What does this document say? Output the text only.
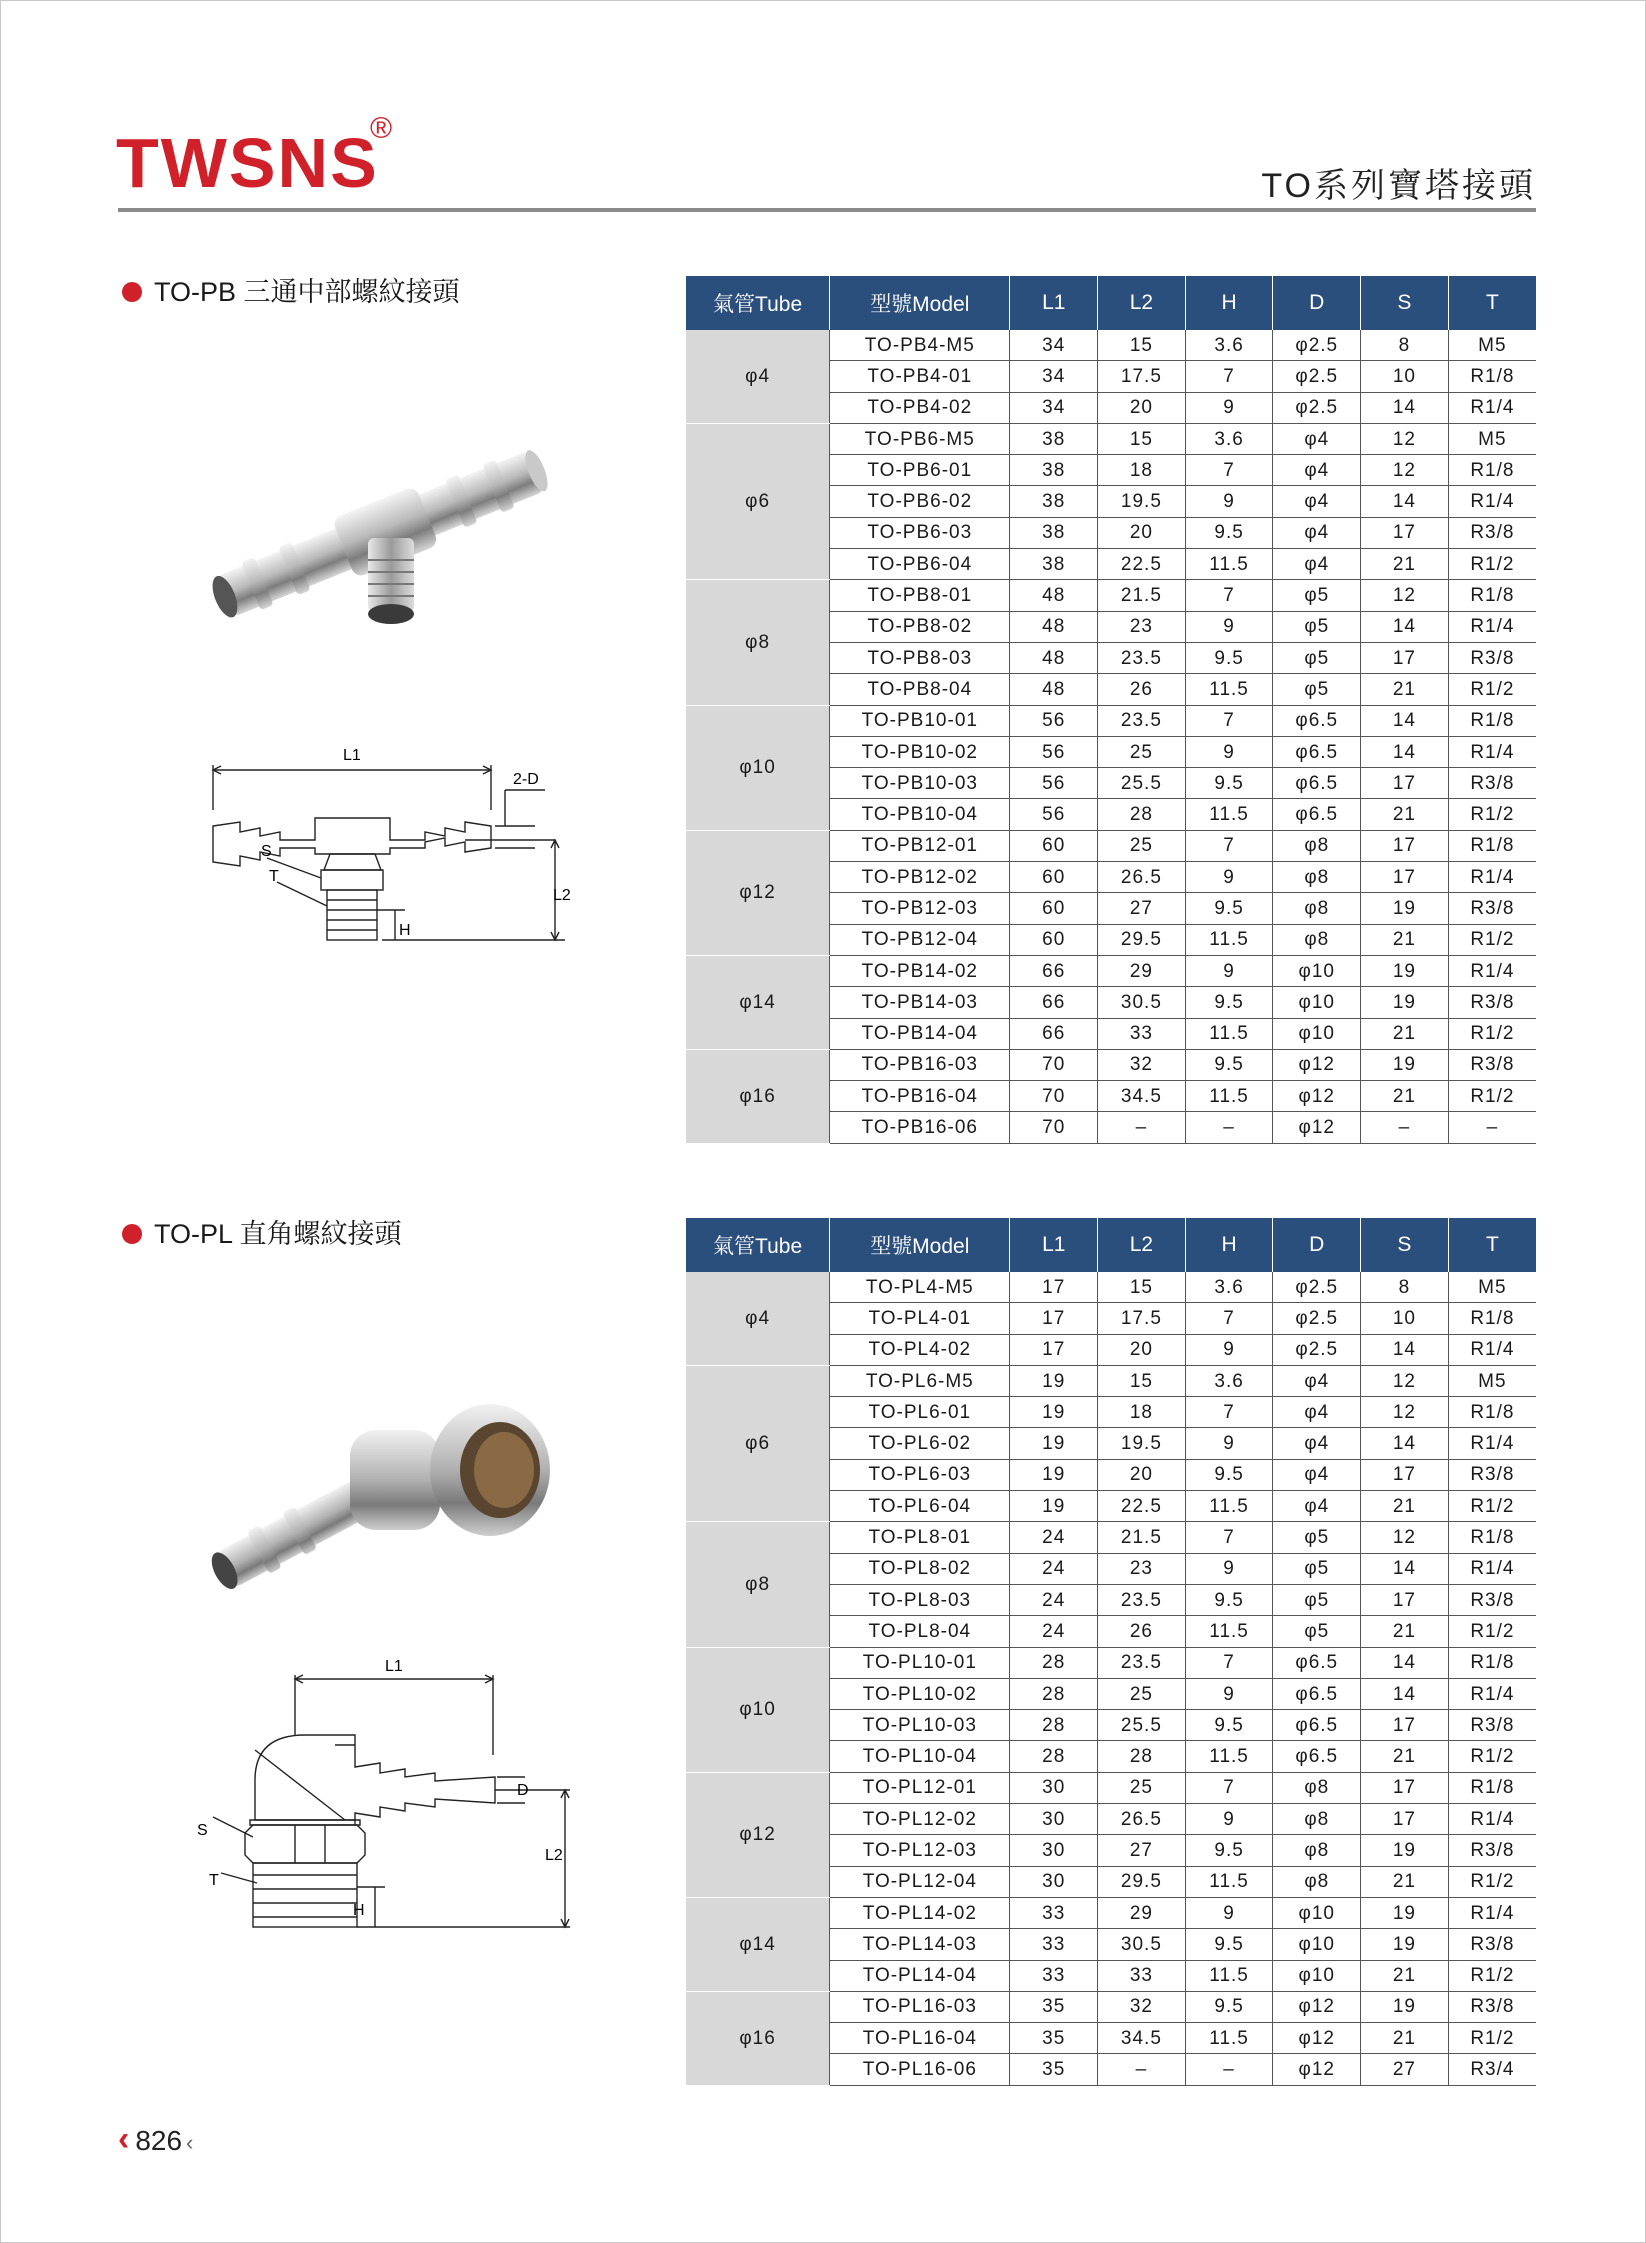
TWSNS
®
TO系列寶塔接頭
TO-PB 三通中部螺紋接頭
L1
2-D
S
T
L2
H
氣管Tube	型號Model	L1	L2	H	D	S	T
φ4	TO-PB4-M5	34	15	3.6	φ2.5	8	M5
	TO-PB4-01	34	17.5	7	φ2.5	10	R1/8
	TO-PB4-02	34	20	9	φ2.5	14	R1/4
φ6	TO-PB6-M5	38	15	3.6	φ4	12	M5
	TO-PB6-01	38	18	7	φ4	12	R1/8
	TO-PB6-02	38	19.5	9	φ4	14	R1/4
	TO-PB6-03	38	20	9.5	φ4	17	R3/8
	TO-PB6-04	38	22.5	11.5	φ4	21	R1/2
φ8	TO-PB8-01	48	21.5	7	φ5	12	R1/8
	TO-PB8-02	48	23	9	φ5	14	R1/4
	TO-PB8-03	48	23.5	9.5	φ5	17	R3/8
	TO-PB8-04	48	26	11.5	φ5	21	R1/2
φ10	TO-PB10-01	56	23.5	7	φ6.5	14	R1/8
	TO-PB10-02	56	25	9	φ6.5	14	R1/4
	TO-PB10-03	56	25.5	9.5	φ6.5	17	R3/8
	TO-PB10-04	56	28	11.5	φ6.5	21	R1/2
φ12	TO-PB12-01	60	25	7	φ8	17	R1/8
	TO-PB12-02	60	26.5	9	φ8	17	R1/4
	TO-PB12-03	60	27	9.5	φ8	19	R3/8
	TO-PB12-04	60	29.5	11.5	φ8	21	R1/2
φ14	TO-PB14-02	66	29	9	φ10	19	R1/4
	TO-PB14-03	66	30.5	9.5	φ10	19	R3/8
	TO-PB14-04	66	33	11.5	φ10	21	R1/2
φ16	TO-PB16-03	70	32	9.5	φ12	19	R3/8
	TO-PB16-04	70	34.5	11.5	φ12	21	R1/2
	TO-PB16-06	70	–	–	φ12	–	–
TO-PL 直角螺紋接頭
L1
D
S
T
L2
H
氣管Tube	型號Model	L1	L2	H	D	S	T
φ4	TO-PL4-M5	17	15	3.6	φ2.5	8	M5
	TO-PL4-01	17	17.5	7	φ2.5	10	R1/8
	TO-PL4-02	17	20	9	φ2.5	14	R1/4
φ6	TO-PL6-M5	19	15	3.6	φ4	12	M5
	TO-PL6-01	19	18	7	φ4	12	R1/8
	TO-PL6-02	19	19.5	9	φ4	14	R1/4
	TO-PL6-03	19	20	9.5	φ4	17	R3/8
	TO-PL6-04	19	22.5	11.5	φ4	21	R1/2
φ8	TO-PL8-01	24	21.5	7	φ5	12	R1/8
	TO-PL8-02	24	23	9	φ5	14	R1/4
	TO-PL8-03	24	23.5	9.5	φ5	17	R3/8
	TO-PL8-04	24	26	11.5	φ5	21	R1/2
φ10	TO-PL10-01	28	23.5	7	φ6.5	14	R1/8
	TO-PL10-02	28	25	9	φ6.5	14	R1/4
	TO-PL10-03	28	25.5	9.5	φ6.5	17	R3/8
	TO-PL10-04	28	28	11.5	φ6.5	21	R1/2
φ12	TO-PL12-01	30	25	7	φ8	17	R1/8
	TO-PL12-02	30	26.5	9	φ8	17	R1/4
	TO-PL12-03	30	27	9.5	φ8	19	R3/8
	TO-PL12-04	30	29.5	11.5	φ8	21	R1/2
φ14	TO-PL14-02	33	29	9	φ10	19	R1/4
	TO-PL14-03	33	30.5	9.5	φ10	19	R3/8
	TO-PL14-04	33	33	11.5	φ10	21	R1/2
φ16	TO-PL16-03	35	32	9.5	φ12	19	R3/8
	TO-PL16-04	35	34.5	11.5	φ12	21	R1/2
	TO-PL16-06	35	–	–	φ12	27	R3/4
‹ 826 ‹
